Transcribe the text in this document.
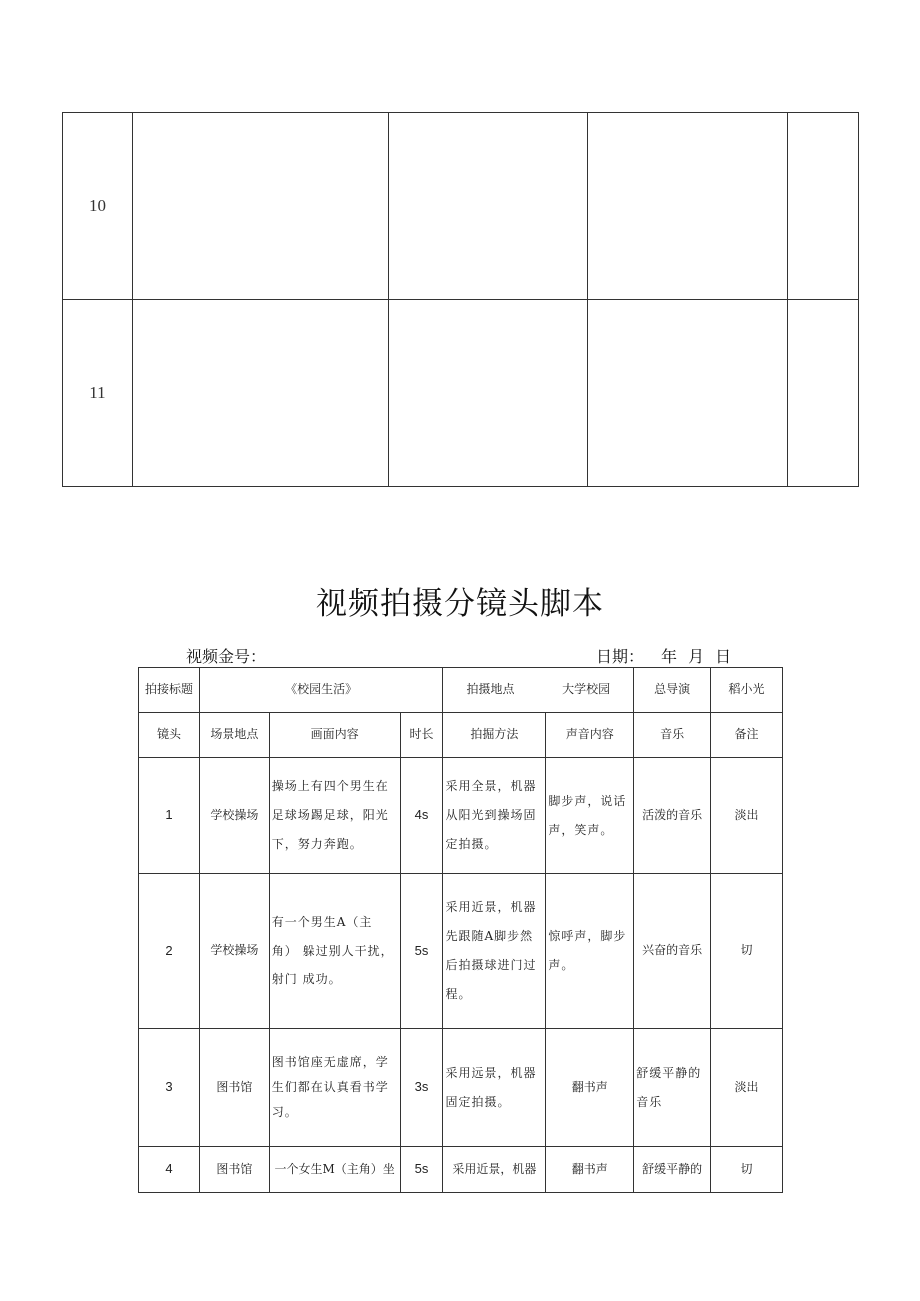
10				
11				
视频拍摄分镜头脚本
视频金号：	日期： 年 月 日
拍接标题	《校园生活》			拍摄地点 大学校园		总导演	稻小光
镜头	场景地点	画面内容	时长	拍掘方法	声音内容	音乐	备注
1	学校操场	操场上有四个男生在足球场踢足球，阳光下，努力奔跑。	4s	采用全景，机器从阳光到操场固定拍摄。	脚步声，说话声，笑声。	活泼的音乐	淡出
2	学校操场	有一个男生A（主角） 躲过别人干扰，射门 成功。	5s	采用近景，机器先跟随A脚步然后拍摄球进门过程。	惊呼声，脚步声。	兴奋的音乐	切
3	图书馆	图书馆座无虚席，学生们都在认真看书学习。	3s	采用远景，机器固定拍摄。	翻书声	舒缓平静的音乐	淡出
4	图书馆	一个女生M（主角）坐	5s	采用近景，机器	翻书声	舒缓平静的	切
